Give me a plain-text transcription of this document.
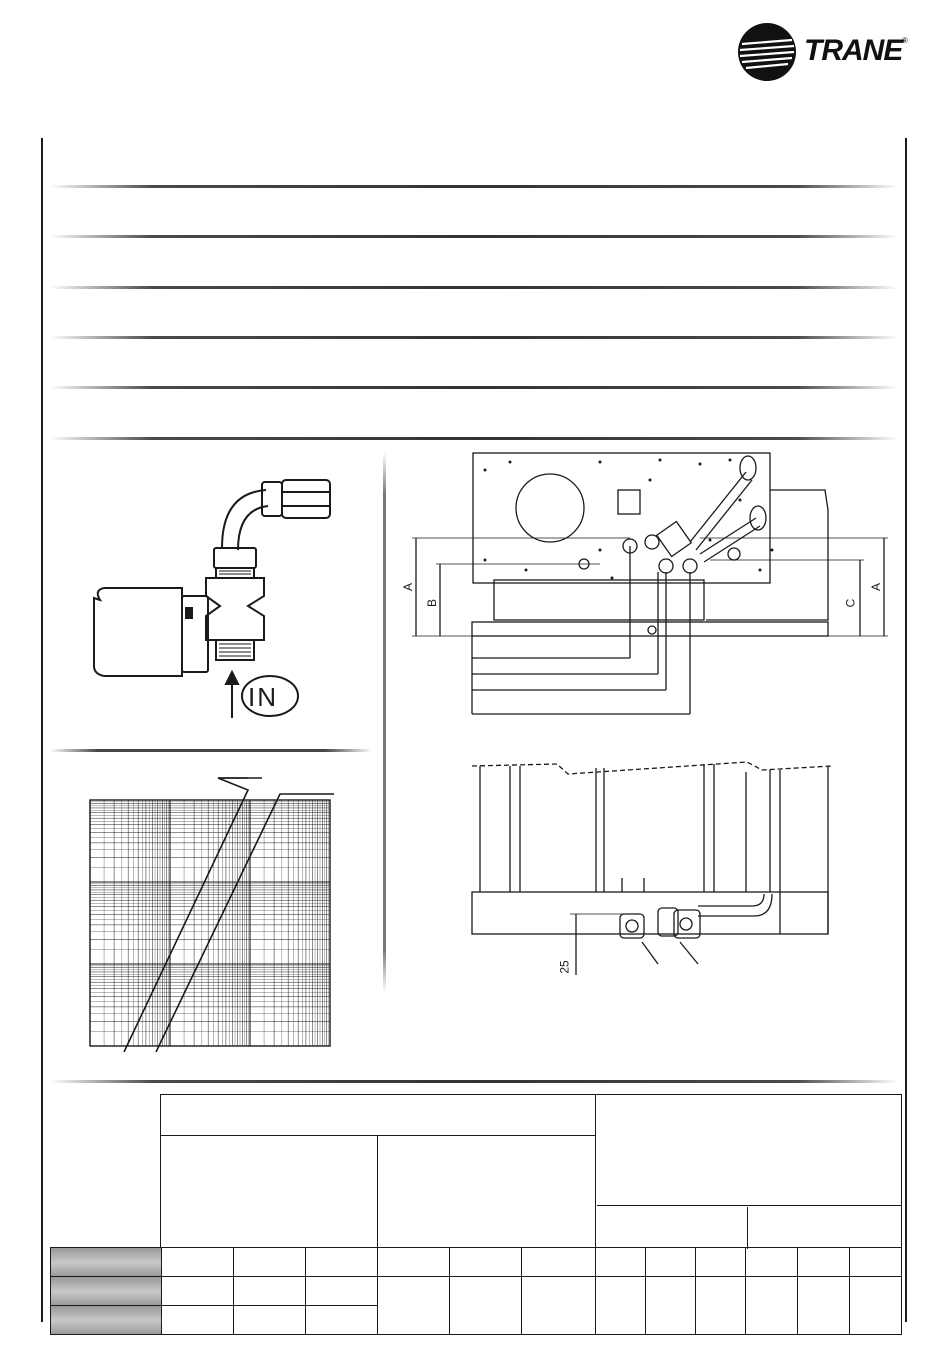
TRANE ®
IN
A
B	C
A
25
